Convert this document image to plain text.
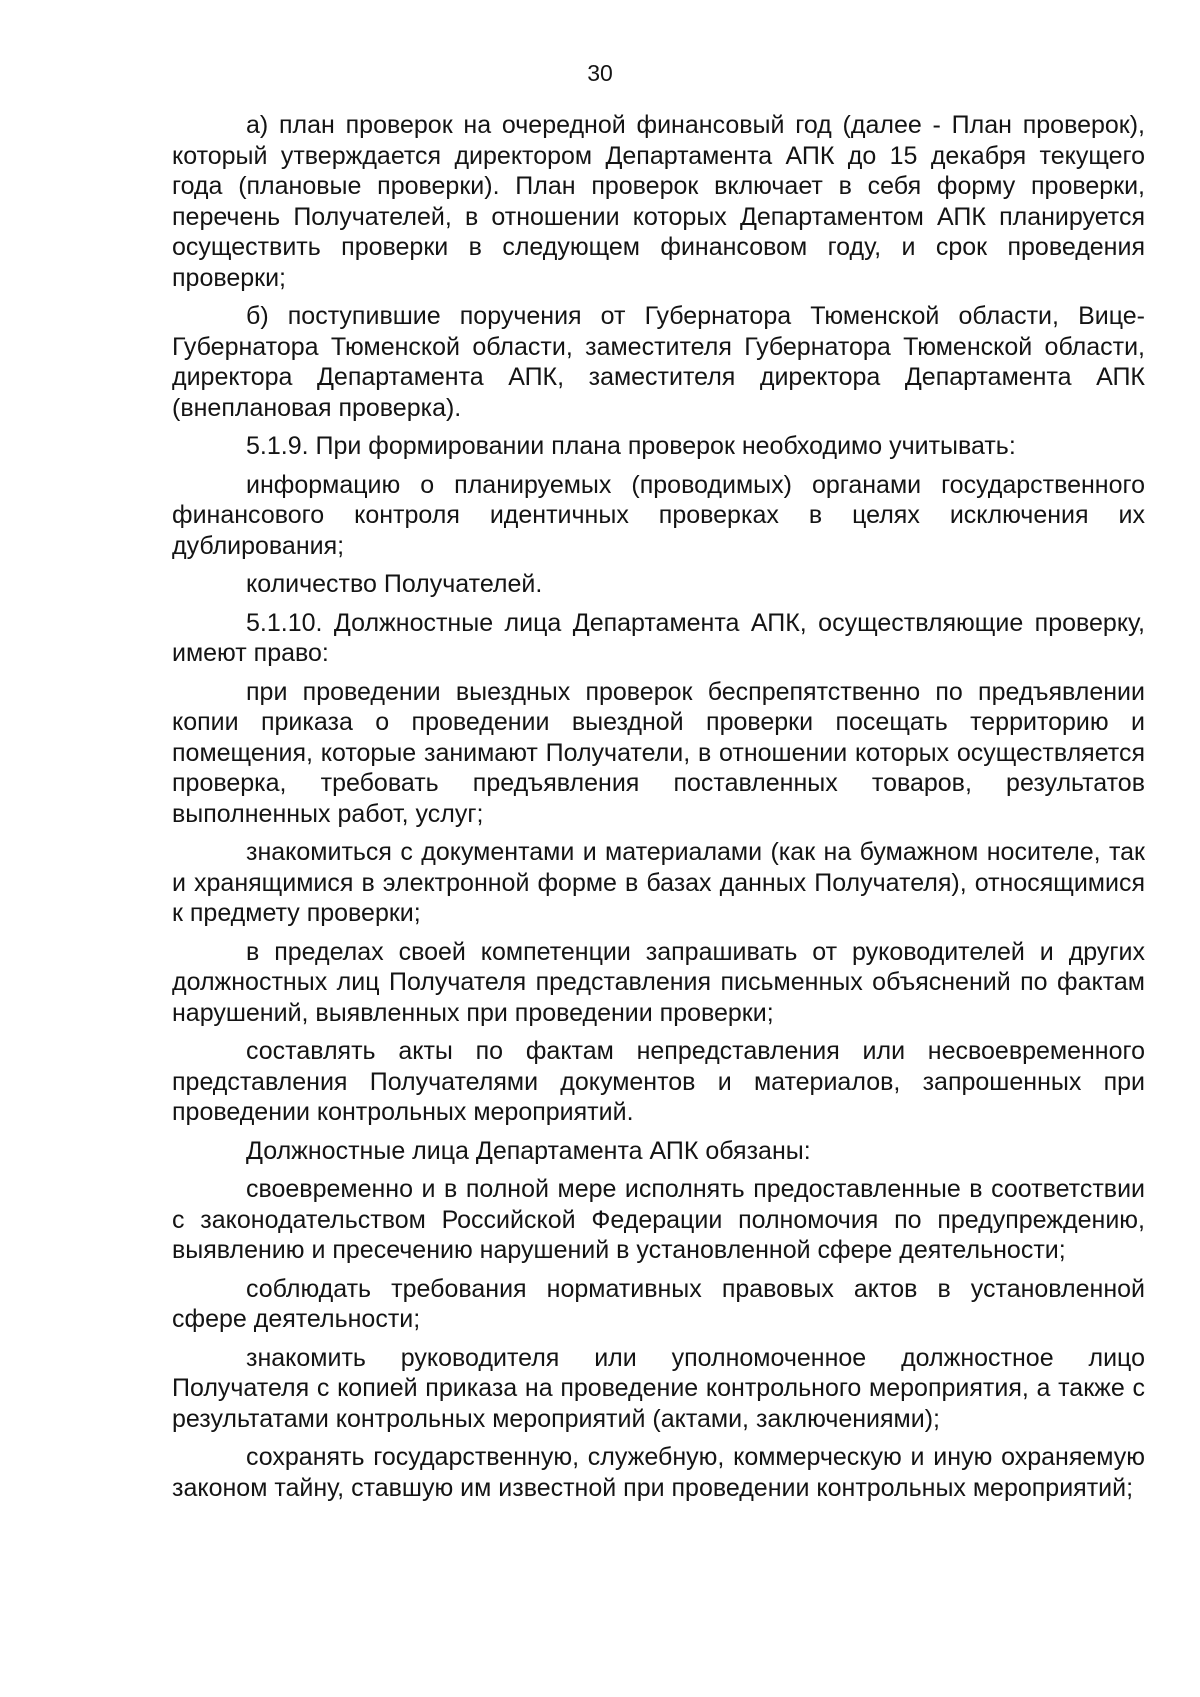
30

а) план проверок на очередной финансовый год (далее - План проверок), который утверждается директором Департамента АПК до 15 декабря текущего года (плановые проверки). План проверок включает в себя форму проверки, перечень Получателей, в отношении которых Департаментом АПК планируется осуществить проверки в следующем финансовом году, и срок проведения проверки;

б) поступившие поручения от Губернатора Тюменской области, Вице-Губернатора Тюменской области, заместителя Губернатора Тюменской области, директора Департамента АПК, заместителя директора Департамента АПК (внеплановая проверка).

5.1.9. При формировании плана проверок необходимо учитывать:

информацию о планируемых (проводимых) органами государственного финансового контроля идентичных проверках в целях исключения их дублирования;

количество Получателей.

5.1.10. Должностные лица Департамента АПК, осуществляющие проверку, имеют право:

при проведении выездных проверок беспрепятственно по предъявлении копии приказа о проведении выездной проверки посещать территорию и помещения, которые занимают Получатели, в отношении которых осуществляется проверка, требовать предъявления поставленных товаров, результатов выполненных работ, услуг;

знакомиться с документами и материалами (как на бумажном носителе, так и хранящимися в электронной форме в базах данных Получателя), относящимися к предмету проверки;

в пределах своей компетенции запрашивать от руководителей и других должностных лиц Получателя представления письменных объяснений по фактам нарушений, выявленных при проведении проверки;

составлять акты по фактам непредставления или несвоевременного представления Получателями документов и материалов, запрошенных при проведении контрольных мероприятий.

Должностные лица Департамента АПК обязаны:

своевременно и в полной мере исполнять предоставленные в соответствии с законодательством Российской Федерации полномочия по предупреждению, выявлению и пресечению нарушений в установленной сфере деятельности;

соблюдать требования нормативных правовых актов в установленной сфере деятельности;

знакомить руководителя или уполномоченное должностное лицо Получателя с копией приказа на проведение контрольного мероприятия, а также с результатами контрольных мероприятий (актами, заключениями);

сохранять государственную, служебную, коммерческую и иную охраняемую законом тайну, ставшую им известной при проведении контрольных мероприятий;
